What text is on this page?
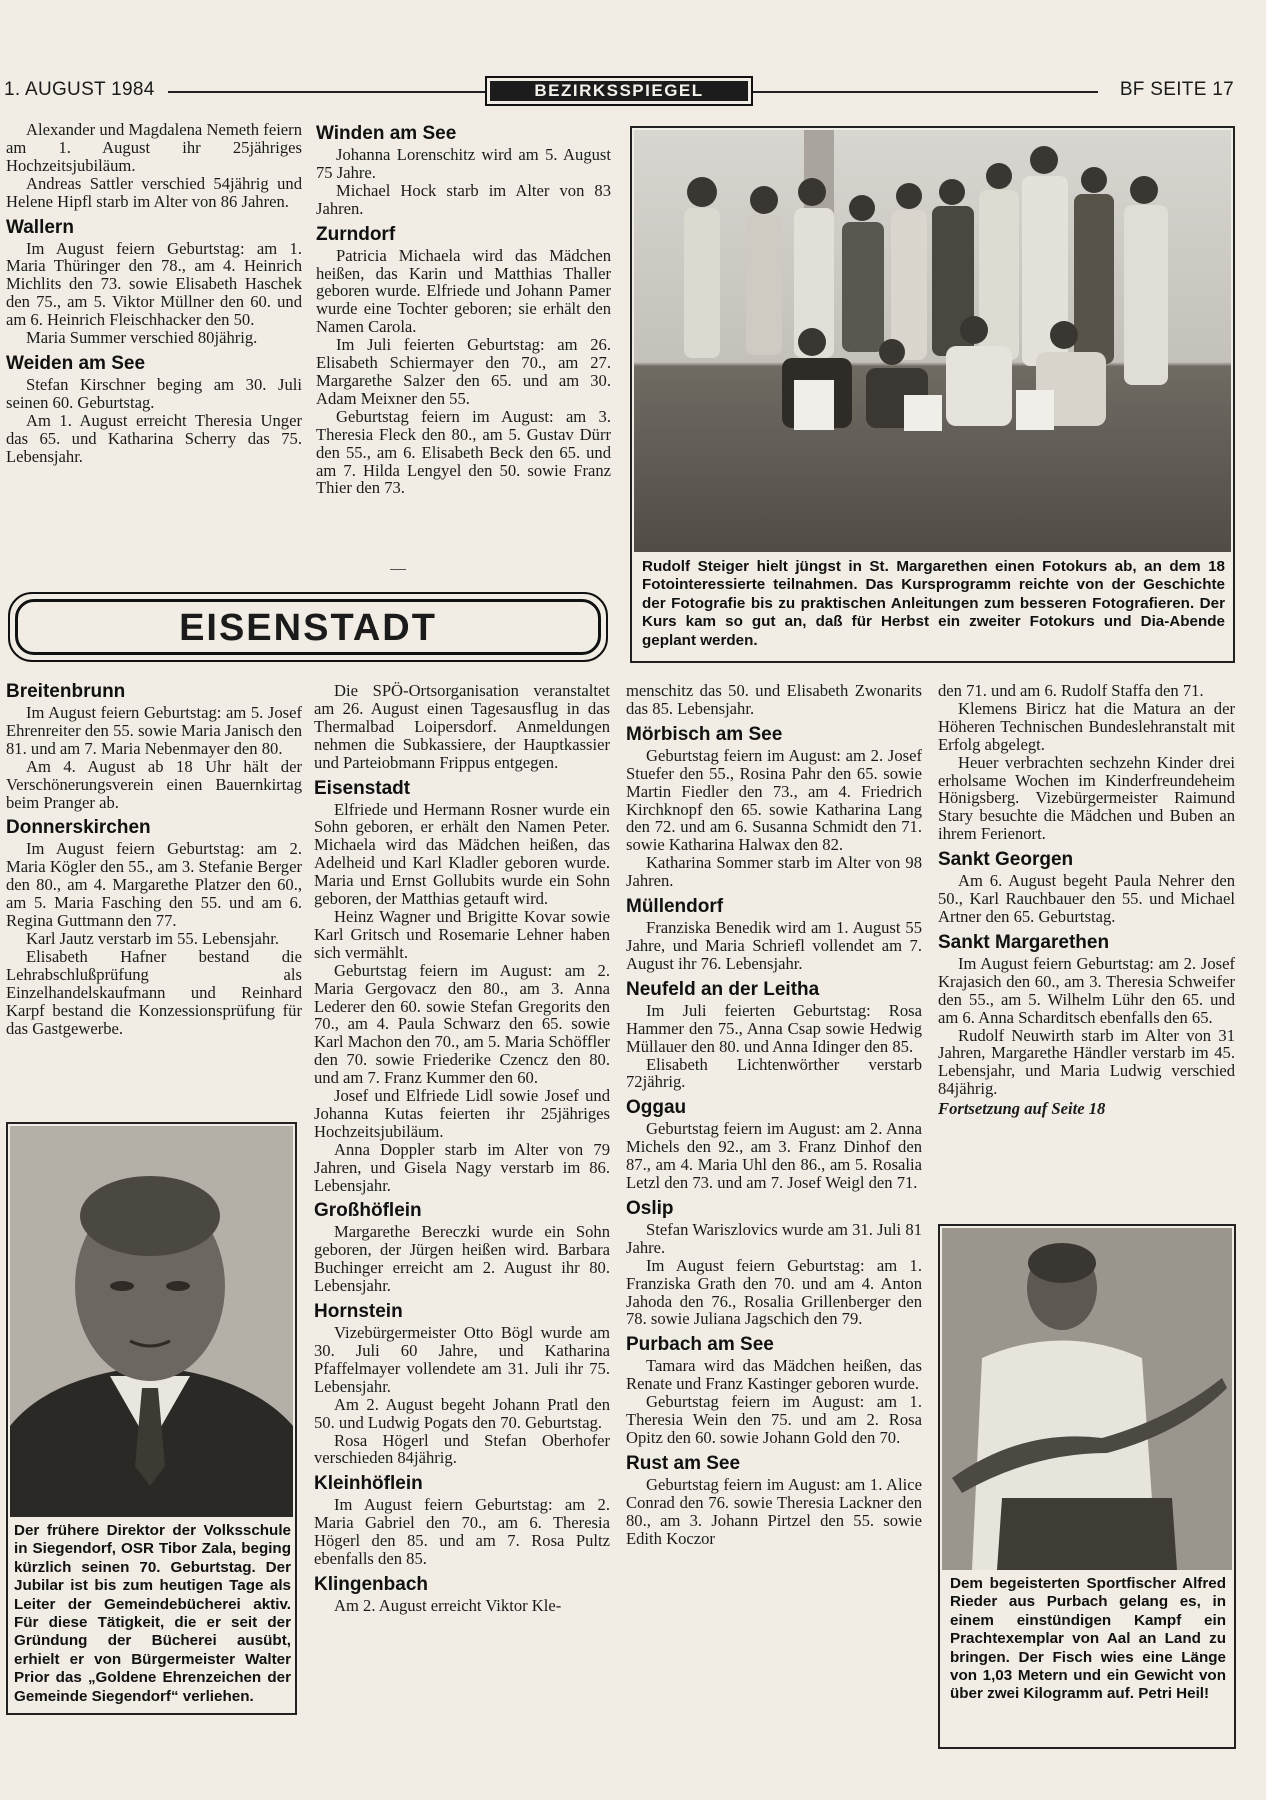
1. AUGUST 1984	BEZIRKSSPIEGEL	BF SEITE 17

Alexander und Magdalena Nemeth feiern am 1. August ihr 25jähriges Hochzeitsjubiläum.

Andreas Sattler verschied 54jährig und Helene Hipfl starb im Alter von 86 Jahren.

Wallern

Im August feiern Geburtstag: am 1. Maria Thüringer den 78., am 4. Heinrich Michlits den 73. sowie Elisabeth Haschek den 75., am 5. Viktor Müllner den 60. und am 6. Heinrich Fleischhacker den 50.

Maria Summer verschied 80jährig.

Weiden am See

Stefan Kirschner beging am 30. Juli seinen 60. Geburtstag.

Am 1. August erreicht Theresia Unger das 65. und Katharina Scherry das 75. Lebensjahr.

Winden am See

Johanna Lorenschitz wird am 5. August 75 Jahre.

Michael Hock starb im Alter von 83 Jahren.

Zurndorf

Patricia Michaela wird das Mädchen heißen, das Karin und Matthias Thaller geboren wurde. Elfriede und Johann Pamer wurde eine Tochter geboren; sie erhält den Namen Carola.

Im Juli feierten Geburtstag: am 26. Elisabeth Schiermayer den 70., am 27. Margarethe Salzer den 65. und am 30. Adam Meixner den 55.

Geburtstag feiern im August: am 3. Theresia Fleck den 80., am 5. Gustav Dürr den 55., am 6. Elisabeth Beck den 65. und am 7. Hilda Lengyel den 50. sowie Franz Thier den 73.

Rudolf Steiger hielt jüngst in St. Margarethen einen Fotokurs ab, an dem 18 Fotointeressierte teilnahmen. Das Kursprogramm reichte von der Geschichte der Fotografie bis zu praktischen Anleitungen zum besseren Fotografieren. Der Kurs kam so gut an, daß für Herbst ein zweiter Fotokurs und Dia-Abende geplant werden.
EISENSTADT
Breitenbrunn

Im August feiern Geburtstag: am 5. Josef Ehrenreiter den 55. sowie Maria Janisch den 81. und am 7. Maria Nebenmayer den 80.

Am 4. August ab 18 Uhr hält der Verschönerungsverein einen Bauernkirtag beim Pranger ab.

Donnerskirchen

Im August feiern Geburtstag: am 2. Maria Kögler den 55., am 3. Stefanie Berger den 80., am 4. Margarethe Platzer den 60., am 5. Maria Fasching den 55. und am 6. Regina Guttmann den 77.

Karl Jautz verstarb im 55. Lebensjahr.

Elisabeth Hafner bestand die Lehrabschlußprüfung als Einzelhandelskaufmann und Reinhard Karpf bestand die Konzessionsprüfung für das Gastgewerbe.

Der frühere Direktor der Volksschule in Siegendorf, OSR Tibor Zala, beging kürzlich seinen 70. Geburtstag. Der Jubilar ist bis zum heutigen Tage als Leiter der Gemeindebücherei aktiv. Für diese Tätigkeit, die er seit der Gründung der Bücherei ausübt, erhielt er von Bürgermeister Walter Prior das „Goldene Ehrenzeichen der Gemeinde Siegendorf“ verliehen.

Die SPÖ-Ortsorganisation veranstaltet am 26. August einen Tagesausflug in das Thermalbad Loipersdorf. Anmeldungen nehmen die Subkassiere, der Hauptkassier und Parteiobmann Frippus entgegen.

Eisenstadt

Elfriede und Hermann Rosner wurde ein Sohn geboren, er erhält den Namen Peter. Michaela wird das Mädchen heißen, das Adelheid und Karl Kladler geboren wurde. Maria und Ernst Gollubits wurde ein Sohn geboren, der Matthias getauft wird.

Heinz Wagner und Brigitte Kovar sowie Karl Gritsch und Rosemarie Lehner haben sich vermählt.

Geburtstag feiern im August: am 2. Maria Gergovacz den 80., am 3. Anna Lederer den 60. sowie Stefan Gregorits den 70., am 4. Paula Schwarz den 65. sowie Karl Machon den 70., am 5. Maria Schöffler den 70. sowie Friederike Czencz den 80. und am 7. Franz Kummer den 60.

Josef und Elfriede Lidl sowie Josef und Johanna Kutas feierten ihr 25jähriges Hochzeitsjubiläum.

Anna Doppler starb im Alter von 79 Jahren, und Gisela Nagy verstarb im 86. Lebensjahr.

Großhöflein

Margarethe Bereczki wurde ein Sohn geboren, der Jürgen heißen wird. Barbara Buchinger erreicht am 2. August ihr 80. Lebensjahr.

Hornstein

Vizebürgermeister Otto Bögl wurde am 30. Juli 60 Jahre, und Katharina Pfaffelmayer vollendete am 31. Juli ihr 75. Lebensjahr.

Am 2. August begeht Johann Pratl den 50. und Ludwig Pogats den 70. Geburtstag.

Rosa Högerl und Stefan Oberhofer verschieden 84jährig.

Kleinhöflein

Im August feiern Geburtstag: am 2. Maria Gabriel den 70., am 6. Theresia Högerl den 85. und am 7. Rosa Pultz ebenfalls den 85.

Klingenbach

Am 2. August erreicht Viktor Kle-

menschitz das 50. und Elisabeth Zwonarits das 85. Lebensjahr.

Mörbisch am See

Geburtstag feiern im August: am 2. Josef Stuefer den 55., Rosina Pahr den 65. sowie Martin Fiedler den 73., am 4. Friedrich Kirchknopf den 65. sowie Katharina Lang den 72. und am 6. Susanna Schmidt den 71. sowie Katharina Halwax den 82.

Katharina Sommer starb im Alter von 98 Jahren.

Müllendorf

Franziska Benedik wird am 1. August 55 Jahre, und Maria Schriefl vollendet am 7. August ihr 76. Lebensjahr.

Neufeld an der Leitha

Im Juli feierten Geburtstag: Rosa Hammer den 75., Anna Csap sowie Hedwig Müllauer den 80. und Anna Idinger den 85.

Elisabeth Lichtenwörther verstarb 72jährig.

Oggau

Geburtstag feiern im August: am 2. Anna Michels den 92., am 3. Franz Dinhof den 87., am 4. Maria Uhl den 86., am 5. Rosalia Letzl den 73. und am 7. Josef Weigl den 71.

Oslip

Stefan Wariszlovics wurde am 31. Juli 81 Jahre.

Im August feiern Geburtstag: am 1. Franziska Grath den 70. und am 4. Anton Jahoda den 76., Rosalia Grillenberger den 78. sowie Juliana Jagschich den 79.

Purbach am See

Tamara wird das Mädchen heißen, das Renate und Franz Kastinger geboren wurde.

Geburtstag feiern im August: am 1. Theresia Wein den 75. und am 2. Rosa Opitz den 60. sowie Johann Gold den 70.

Rust am See

Geburtstag feiern im August: am 1. Alice Conrad den 76. sowie Theresia Lackner den 80., am 3. Johann Pirtzel den 55. sowie Edith Koczor

den 71. und am 6. Rudolf Staffa den 71.

Klemens Biricz hat die Matura an der Höheren Technischen Bundeslehranstalt mit Erfolg abgelegt.

Heuer verbrachten sechzehn Kinder drei erholsame Wochen im Kinderfreundeheim Hönigsberg. Vizebürgermeister Raimund Stary besuchte die Mädchen und Buben an ihrem Ferienort.

Sankt Georgen

Am 6. August begeht Paula Nehrer den 50., Karl Rauchbauer den 55. und Michael Artner den 65. Geburtstag.

Sankt Margarethen

Im August feiern Geburtstag: am 2. Josef Krajasich den 60., am 3. Theresia Schweifer den 55., am 5. Wilhelm Lühr den 65. und am 6. Anna Scharditsch ebenfalls den 65.

Rudolf Neuwirth starb im Alter von 31 Jahren, Margarethe Händler verstarb im 45. Lebensjahr, und Maria Ludwig verschied 84jährig.

Fortsetzung auf Seite 18

Dem begeisterten Sportfischer Alfred Rieder aus Purbach gelang es, in einem einstündigen Kampf ein Prachtexemplar von Aal an Land zu bringen. Der Fisch wies eine Länge von 1,03 Metern und ein Gewicht von über zwei Kilogramm auf. Petri Heil!
